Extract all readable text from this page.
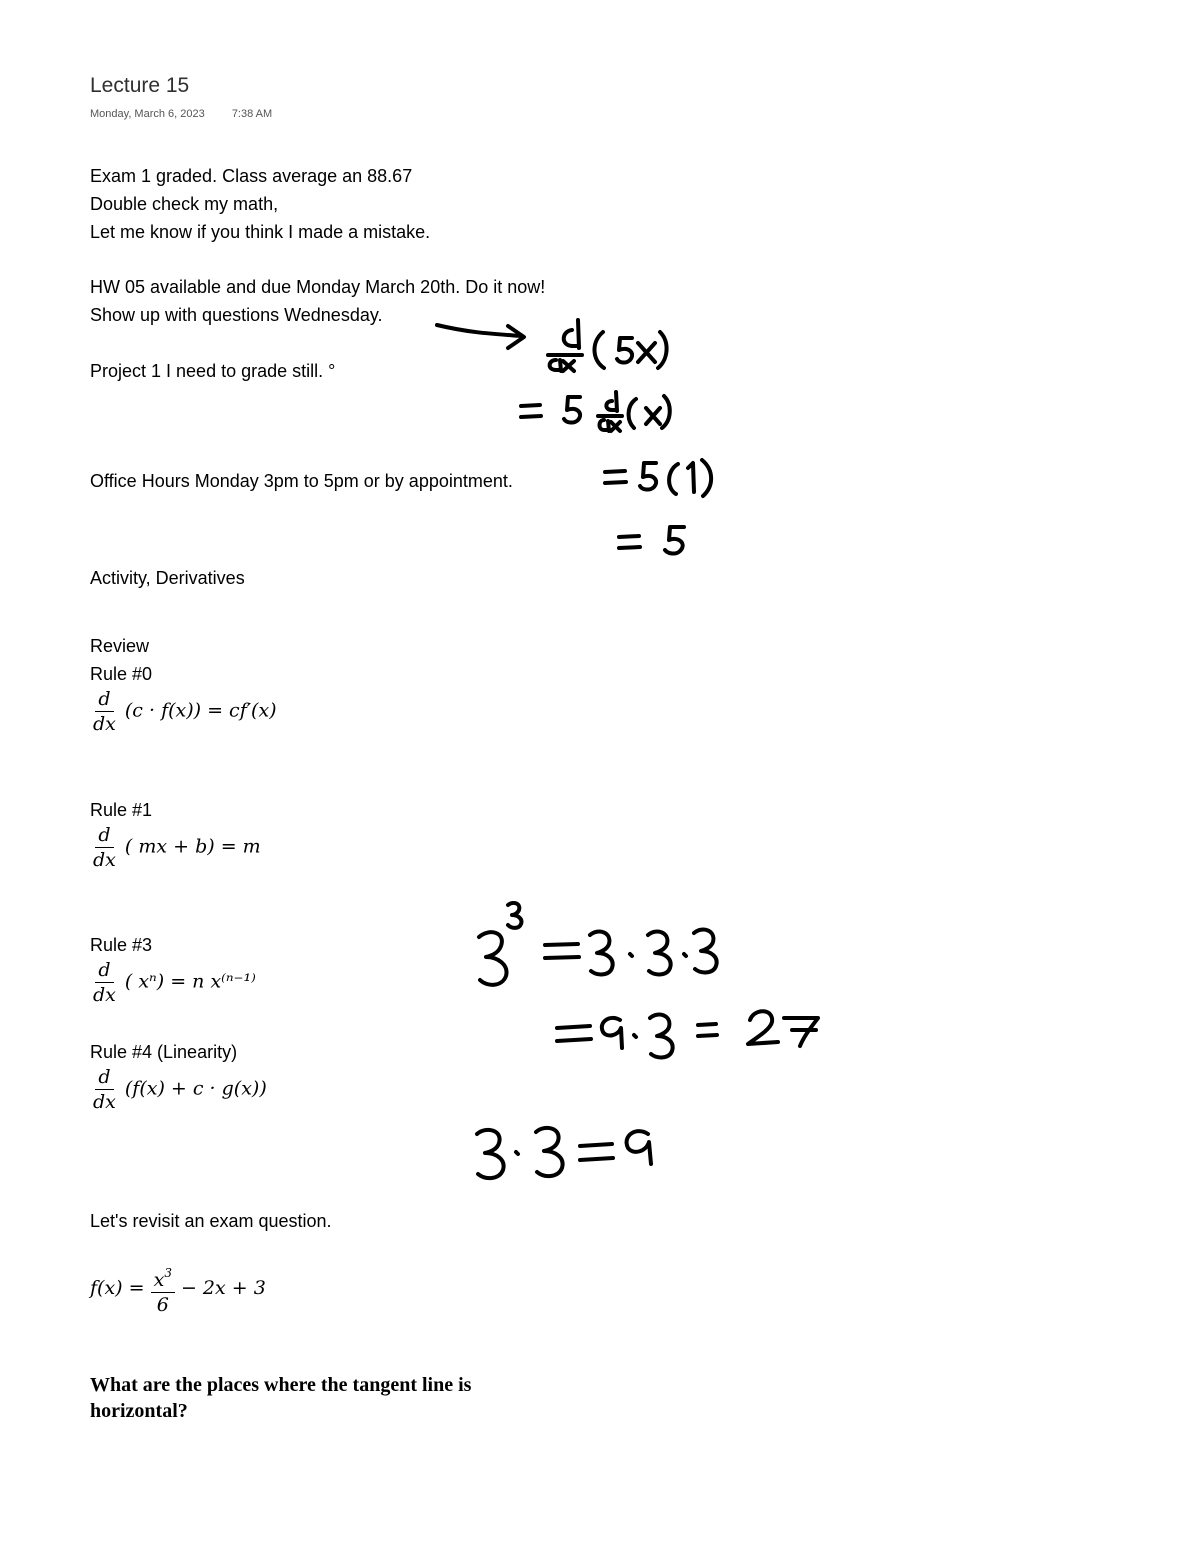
Lecture 15
Monday, March 6, 2023 7:38 AM
Exam 1 graded. Class average an 88.67
Double check my math,
Let me know if you think I made a mistake.
HW 05 available and due Monday March 20th. Do it now!
Show up with questions Wednesday.
Project 1 I need to grade still. °
Office Hours Monday 3pm to 5pm or by appointment.
Activity, Derivatives
Review
Rule #0
$\frac{d}{dx} (c \cdot f(x)) = cf'(x)$
Rule #1
$\frac{d}{dx}$ ( mx + b) = m
Rule #3
$\frac{d}{dx}$ ( xⁿ) = n x⁽ⁿ⁻¹⁾
Rule #4 (Linearity)
$\frac{d}{dx} (f(x) + c \cdot g(x))$
Let's revisit an exam question.
$f(x) = \frac{x^3}{6} - 2x + 3$
What are the places where the tangent line is horizontal?
